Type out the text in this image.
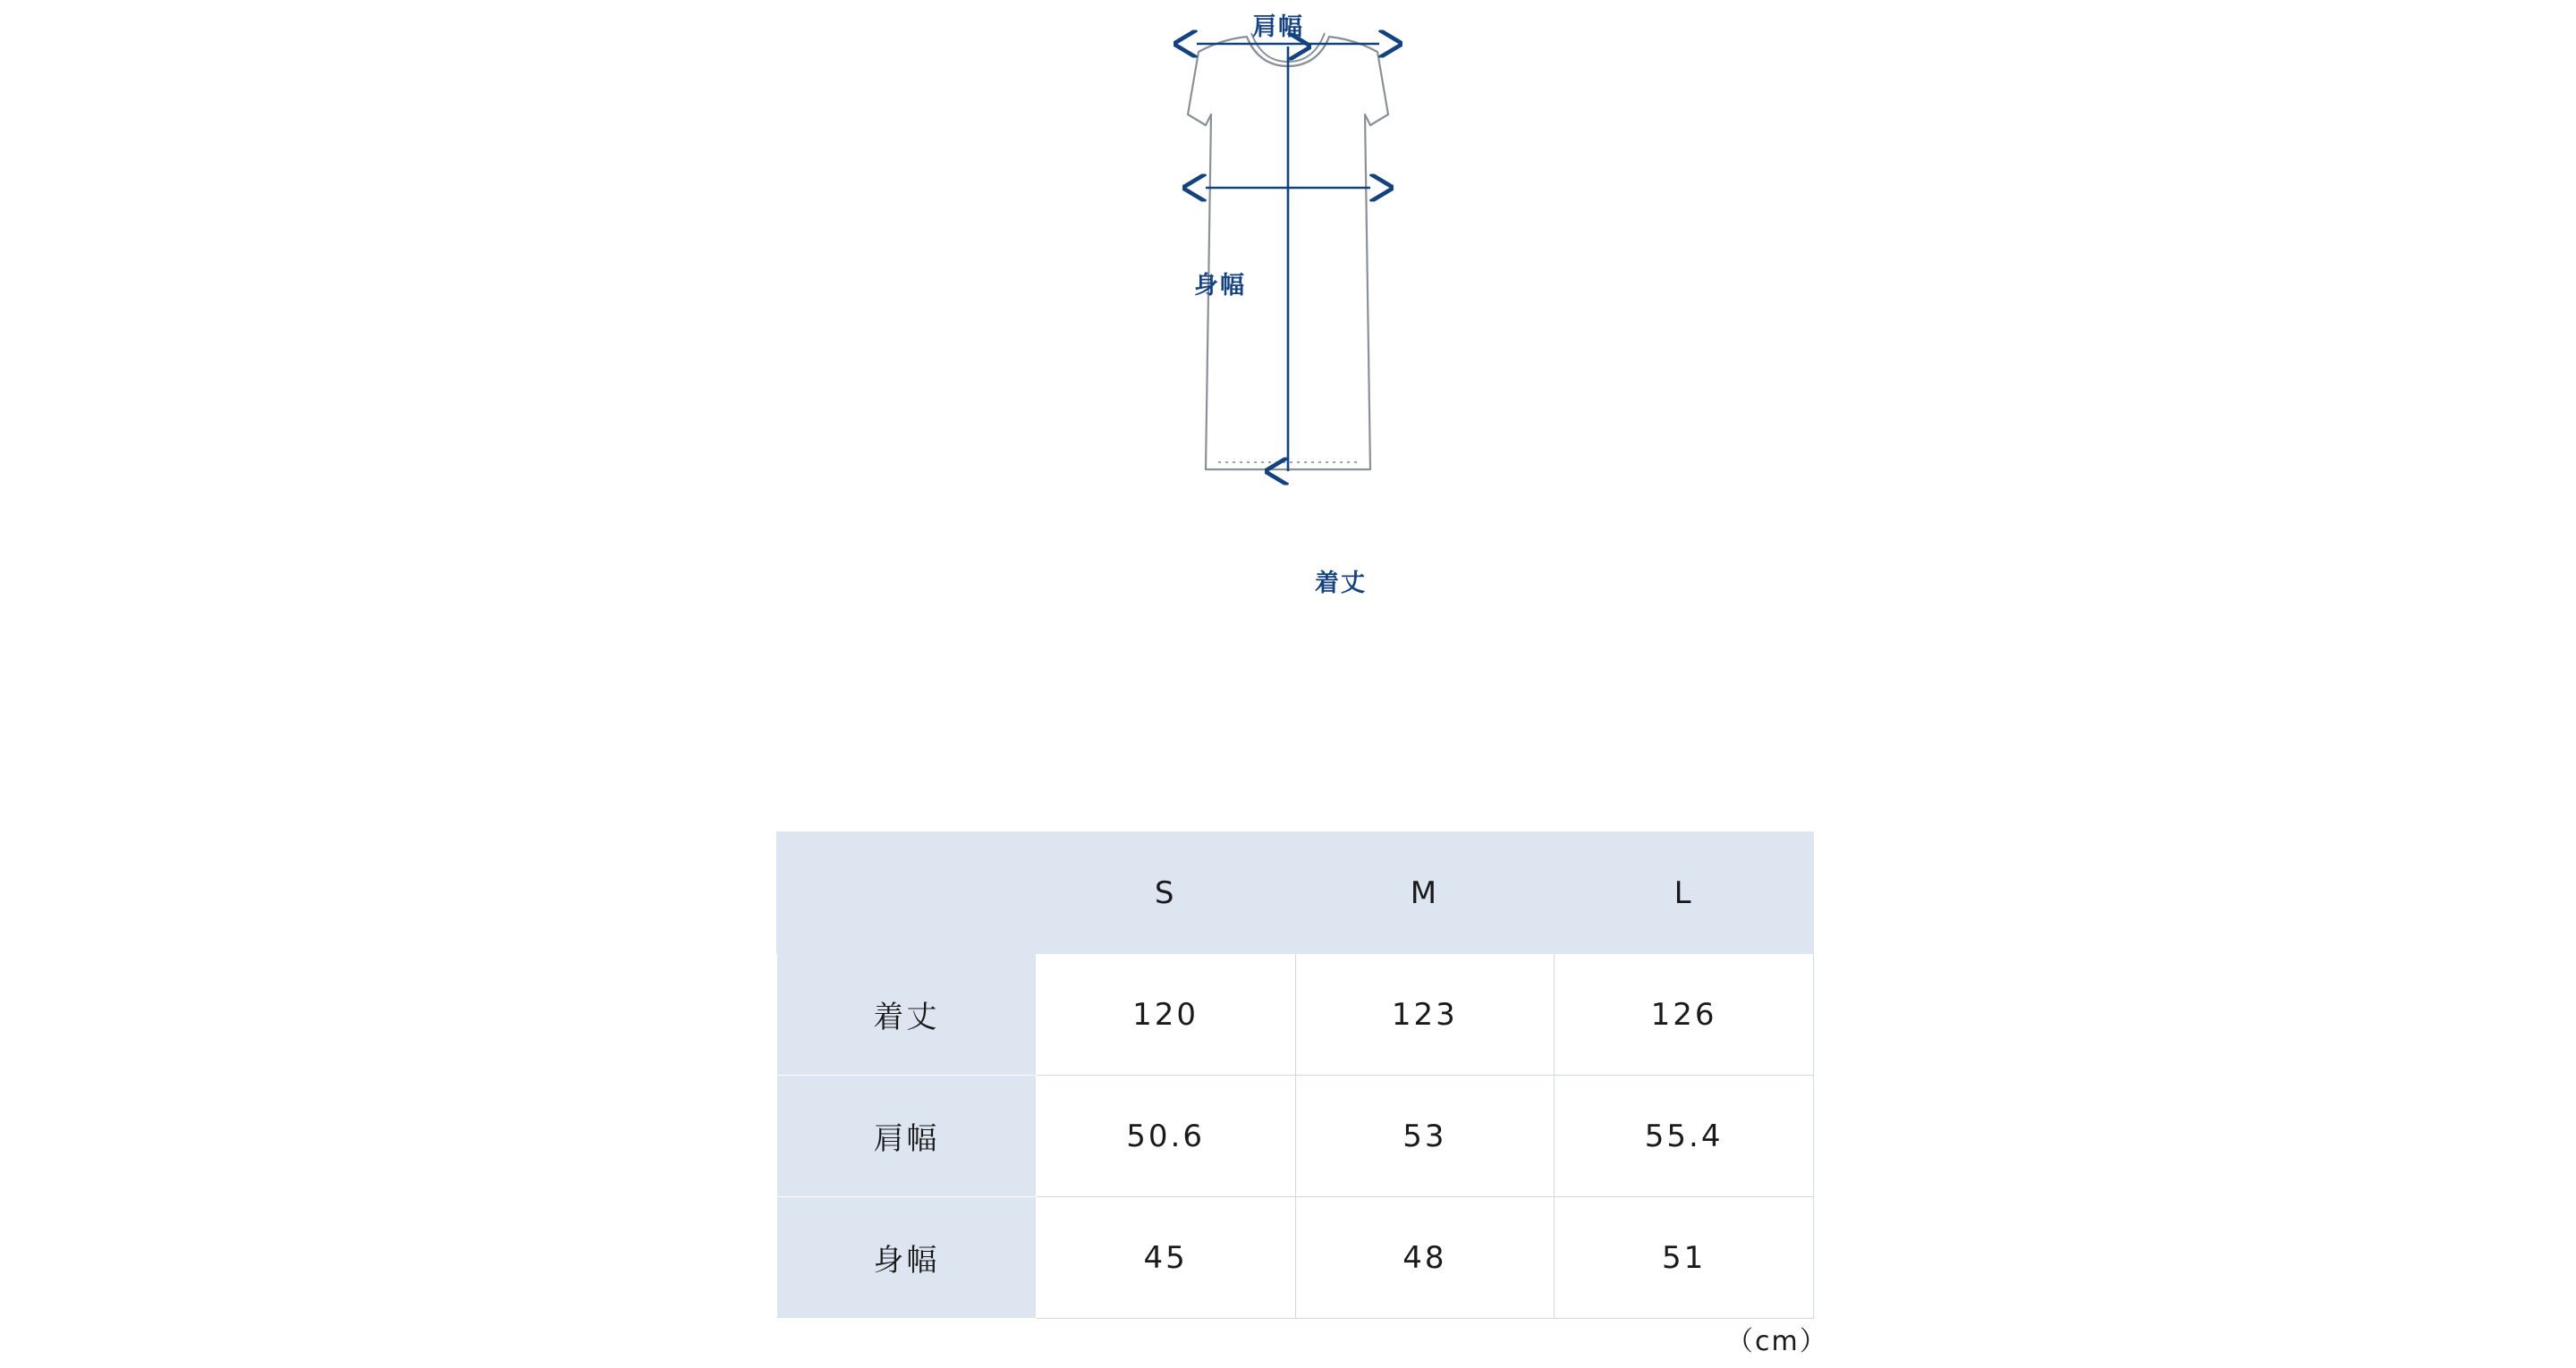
肩幅
身幅
着丈
	S	M	L
着丈	120	123	126
肩幅	50.6	53	55.4
身幅	45	48	51
（cm）
